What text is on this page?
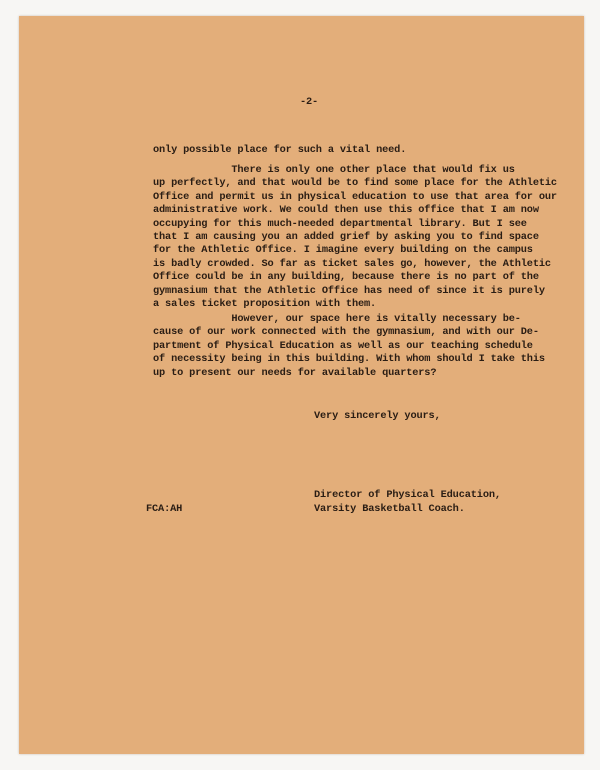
-2-
only possible place for such a vital need.
There is only one other place that would fix us
up perfectly, and that would be to find some place for the Athletic
Office and permit us in physical education to use that area for our
administrative work. We could then use this office that I am now
occupying for this much-needed departmental library. But I see
that I am causing you an added grief by asking you to find space
for the Athletic Office. I imagine every building on the campus
is badly crowded. So far as ticket sales go, however, the Athletic
Office could be in any building, because there is no part of the
gymnasium that the Athletic Office has need of since it is purely
a sales ticket proposition with them.
However, our space here is vitally necessary be-
cause of our work connected with the gymnasium, and with our De-
partment of Physical Education as well as our teaching schedule
of necessity being in this building. With whom should I take this
up to present our needs for available quarters?
Very sincerely yours,
Director of Physical Education,
Varsity Basketball Coach.
FCA:AH
